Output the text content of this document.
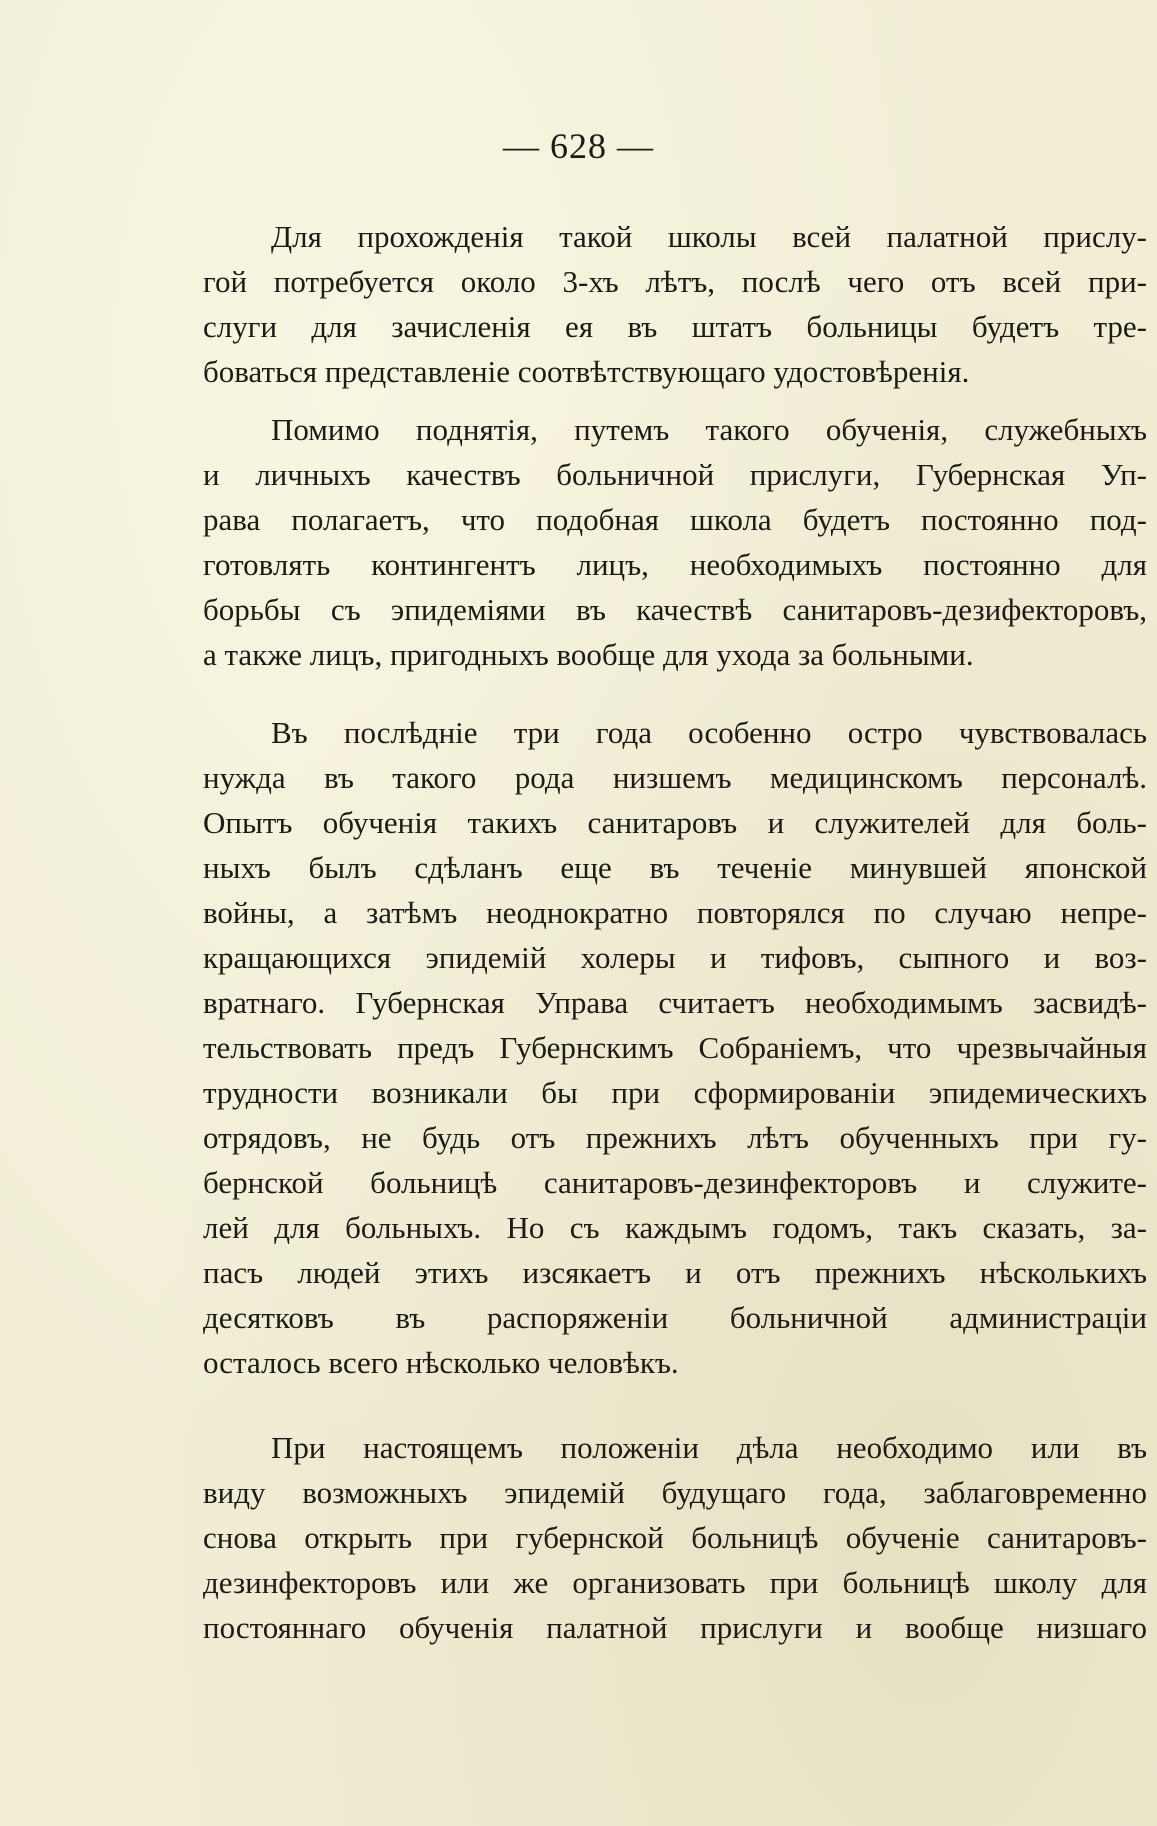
— 628 —

Для прохожденія такой школы всей палатной прислу-
гой потребуется около 3-хъ лѣтъ, послѣ чего отъ всей при-
слуги для зачисленія ея въ штатъ больницы будетъ тре-
боваться представленіе соотвѣтствующаго удостовѣренія.

Помимо поднятія, путемъ такого обученія, служебныхъ
и личныхъ качествъ больничной прислуги, Губернская Уп-
рава полагаетъ, что подобная школа будетъ постоянно под-
готовлять контингентъ лицъ, необходимыхъ постоянно для
борьбы съ эпидеміями въ качествѣ санитаровъ-дезифекторовъ,
а также лицъ, пригодныхъ вообще для ухода за больными.

Въ послѣдніе три года особенно остро чувствовалась
нужда въ такого рода низшемъ медицинскомъ персоналѣ.
Опытъ обученія такихъ санитаровъ и служителей для боль-
ныхъ былъ сдѣланъ еще въ теченіе минувшей японской
войны, а затѣмъ неоднократно повторялся по случаю непре-
кращающихся эпидемій холеры и тифовъ, сыпного и воз-
вратнаго. Губернская Управа считаетъ необходимымъ засвидѣ-
тельствовать предъ Губернскимъ Собраніемъ, что чрезвычайныя
трудности возникали бы при сформированіи эпидемическихъ
отрядовъ, не будь отъ прежнихъ лѣтъ обученныхъ при гу-
бернской больницѣ санитаровъ-дезинфекторовъ и служите-
лей для больныхъ. Но съ каждымъ годомъ, такъ сказать, за-
пасъ людей этихъ изсякаетъ и отъ прежнихъ нѣсколькихъ
десятковъ въ распоряженіи больничной администраціи
осталось всего нѣсколько человѣкъ.

При настоящемъ положеніи дѣла необходимо или въ
виду возможныхъ эпидемій будущаго года, заблаговременно
снова открыть при губернской больницѣ обученіе санитаровъ-
дезинфекторовъ или же организовать при больницѣ школу для
постояннаго обученія палатной прислуги и вообще низшаго
